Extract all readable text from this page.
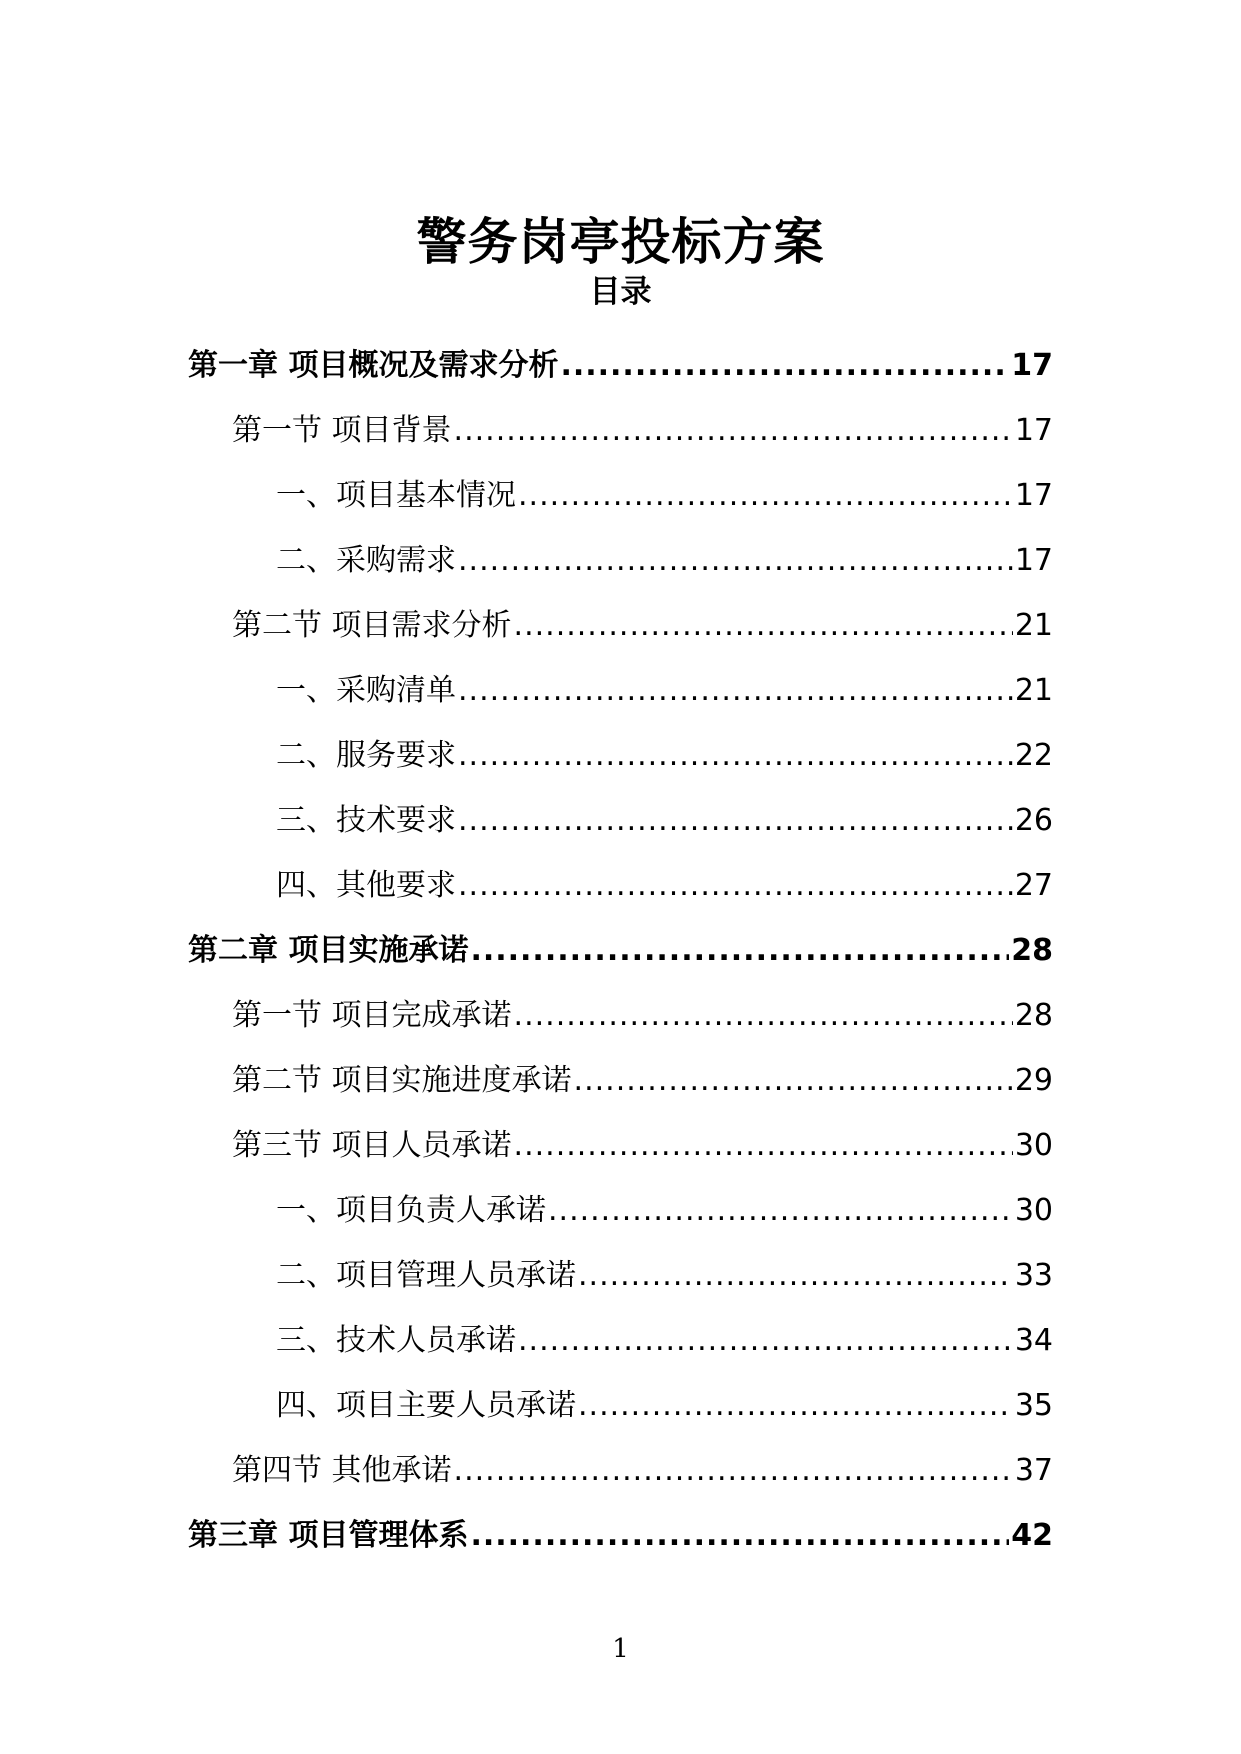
警务岗亭投标方案
目录
第一章 项目概况及需求分析 .....	17
第一节 项目背景 .....	17
一、项目基本情况 .....	17
二、采购需求 .....	17
第二节 项目需求分析 .....	21
一、采购清单 .....	21
二、服务要求 .....	22
三、技术要求 .....	26
四、其他要求 .....	27
第二章 项目实施承诺 .....	28
第一节 项目完成承诺 .....	28
第二节 项目实施进度承诺 .....	29
第三节 项目人员承诺 .....	30
一、项目负责人承诺 .....	30
二、项目管理人员承诺 .....	33
三、技术人员承诺 .....	34
四、项目主要人员承诺 .....	35
第四节 其他承诺 .....	37
第三章 项目管理体系 .....	42
1
